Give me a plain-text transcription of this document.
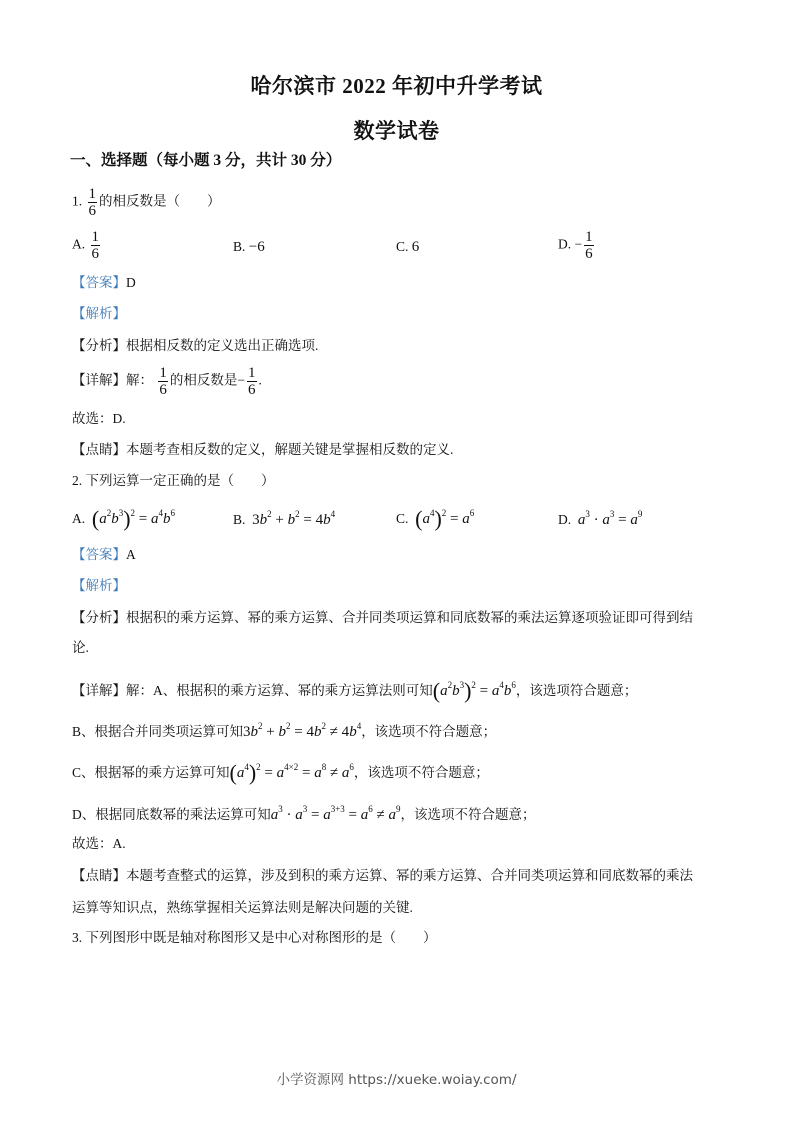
哈尔滨市 2022 年初中升学考试
数学试卷
一、选择题（每小题 3 分，共计 30 分）
1. $\frac{1}{6}$ 的相反数是（　　）
A. $\frac{1}{6}$	B. −6	C. 6	D. − $\frac{1}{6}$
【答案】D
【解析】
【分析】根据相反数的定义选出正确选项.
【详解】解： $\frac{1}{6}$ 的相反数是− $\frac{1}{6}$ .
故选：D.
【点睛】本题考查相反数的定义，解题关键是掌握相反数的定义.
2. 下列运算一定正确的是（　　）
A. $(a^2b^3)^2 = a^4b^6$	B. $3b^2 + b^2 = 4b^4$	C. $(a^4)^2 = a^6$	D. $a^3 \cdot a^3 = a^9$
【答案】A
【解析】
【分析】根据积的乘方运算、幂的乘方运算、合并同类项运算和同底数幂的乘法运算逐项验证即可得到结
论.
【详解】解：A、根据积的乘方运算、幂的乘方运算法则可知$(a^2b^3)^2 = a^4b^6$，该选项符合题意；
B、根据合并同类项运算可知$3b^2 + b^2 = 4b^2 \ne 4b^4$，该选项不符合题意；
C、根据幂的乘方运算可知$(a^4)^2 = a^{4\times 2} = a^8 \ne a^6$，该选项不符合题意；
D、根据同底数幂的乘法运算可知$a^3 \cdot a^3 = a^{3+3} = a^6 \ne a^9$，该选项不符合题意；
故选：A.
【点睛】本题考查整式的运算，涉及到积的乘方运算、幂的乘方运算、合并同类项运算和同底数幂的乘法
运算等知识点，熟练掌握相关运算法则是解决问题的关键.
3. 下列图形中既是轴对称图形又是中心对称图形的是（　　）
小学资源网 https://xueke.woiay.com/
